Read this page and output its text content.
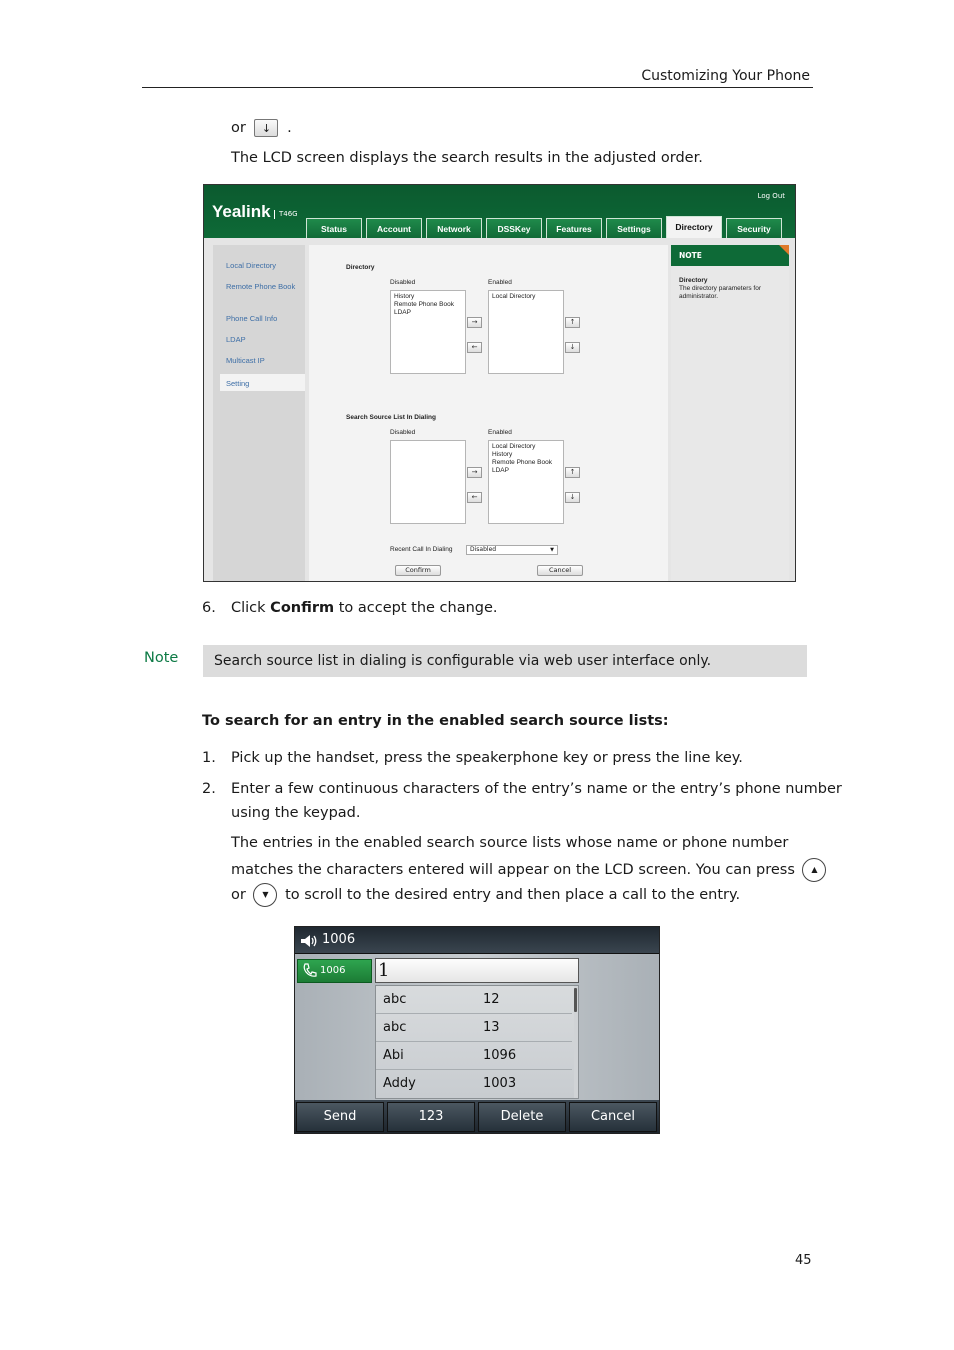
Customizing Your Phone
or ↓ .
The LCD screen displays the search results in the adjusted order.
Yealink	T46G
Log Out
Status	Account	Network	DSSKey	Features	Settings	Directory	Security
Local Directory
Remote Phone Book
Phone Call Info
LDAP
Multicast IP
Setting
Directory
Disabled	Enabled
History
Remote Phone Book
LDAP
Local Directory
→
←
↑
↓
Search Source List In Dialing
Disabled	Enabled
Local Directory
History
Remote Phone Book
LDAP
→
←
↑
↓
Recent Call In Dialing	Disabled	▼
Confirm	Cancel
NOTE
Directory
The directory parameters for administrator.
6. Click Confirm to accept the change.
Note	Search source list in dialing is configurable via web user interface only.
To search for an entry in the enabled search source lists:
1. Pick up the handset, press the speakerphone key or press the line key.
2. Enter a few continuous characters of the entry’s name or the entry’s phone number
using the keypad.
The entries in the enabled search source lists whose name or phone number
matches the characters entered will appear on the LCD screen. You can press ▲
or ▼ to scroll to the desired entry and then place a call to the entry.
1006
1006	1
abc	12
abc	13
Abi	1096
Addy	1003
Send	123	Delete	Cancel
45
